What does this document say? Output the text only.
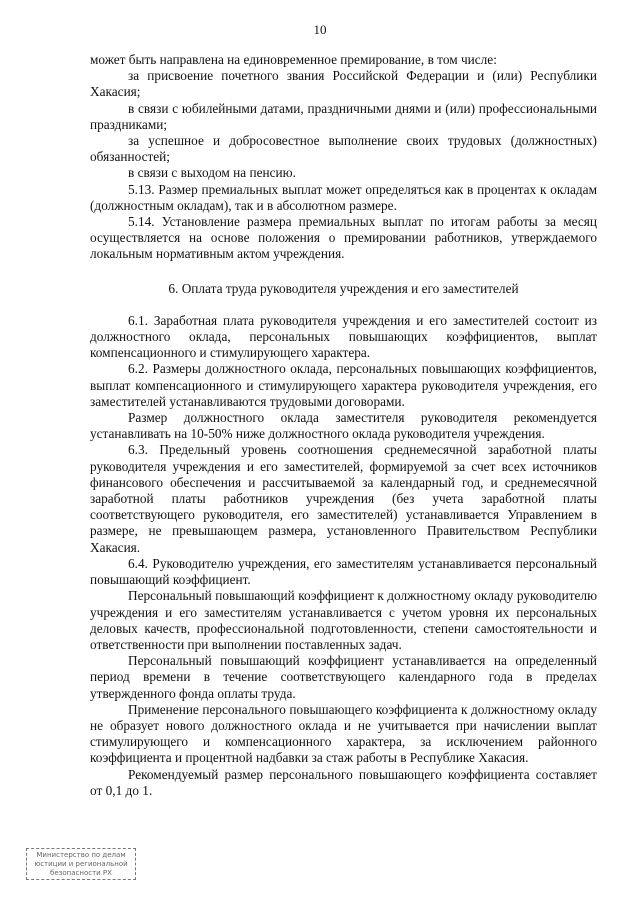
10

может быть направлена на единовременное премирование, в том числе:

за присвоение почетного звания Российской Федерации и (или) Республики Хакасия;

в связи с юбилейными датами, праздничными днями и (или) профессиональными праздниками;

за успешное и добросовестное выполнение своих трудовых (должностных) обязанностей;

в связи с выходом на пенсию.

5.13. Размер премиальных выплат может определяться как в процентах к окладам (должностным окладам), так и в абсолютном размере.

5.14. Установление размера премиальных выплат по итогам работы за месяц осуществляется на основе положения о премировании работников, утверждаемого локальным нормативным актом учреждения.

6. Оплата труда руководителя учреждения и его заместителей

6.1. Заработная плата руководителя учреждения и его заместителей состоит из должностного оклада, персональных повышающих коэффициентов, выплат компенсационного и стимулирующего характера.

6.2. Размеры должностного оклада, персональных повышающих коэффициентов, выплат компенсационного и стимулирующего характера руководителя учреждения, его заместителей устанавливаются трудовыми договорами.

Размер должностного оклада заместителя руководителя рекомендуется устанавливать на 10-50% ниже должностного оклада руководителя учреждения.

6.3. Предельный уровень соотношения среднемесячной заработной платы руководителя учреждения и его заместителей, формируемой за счет всех источников финансового обеспечения и рассчитываемой за календарный год, и среднемесячной заработной платы работников учреждения (без учета заработной платы соответствующего руководителя, его заместителей) устанавливается Управлением в размере, не превышающем размера, установленного Правительством Республики Хакасия.

6.4. Руководителю учреждения, его заместителям устанавливается персональный повышающий коэффициент.

Персональный повышающий коэффициент к должностному окладу руководителю учреждения и его заместителям устанавливается с учетом уровня их персональных деловых качеств, профессиональной подготовленности, степени самостоятельности и ответственности при выполнении поставленных задач.

Персональный повышающий коэффициент устанавливается на определенный период времени в течение соответствующего календарного года в пределах утвержденного фонда оплаты труда.

Применение персонального повышающего коэффициента к должностному окладу не образует нового должностного оклада и не учитывается при начислении выплат стимулирующего и компенсационного характера, за исключением районного коэффициента и процентной надбавки за стаж работы в Республике Хакасия.

Рекомендуемый размер персонального повышающего коэффициента составляет от 0,1 до 1.

Министерство по делам
юстиции и региональной
безопасности РХ
